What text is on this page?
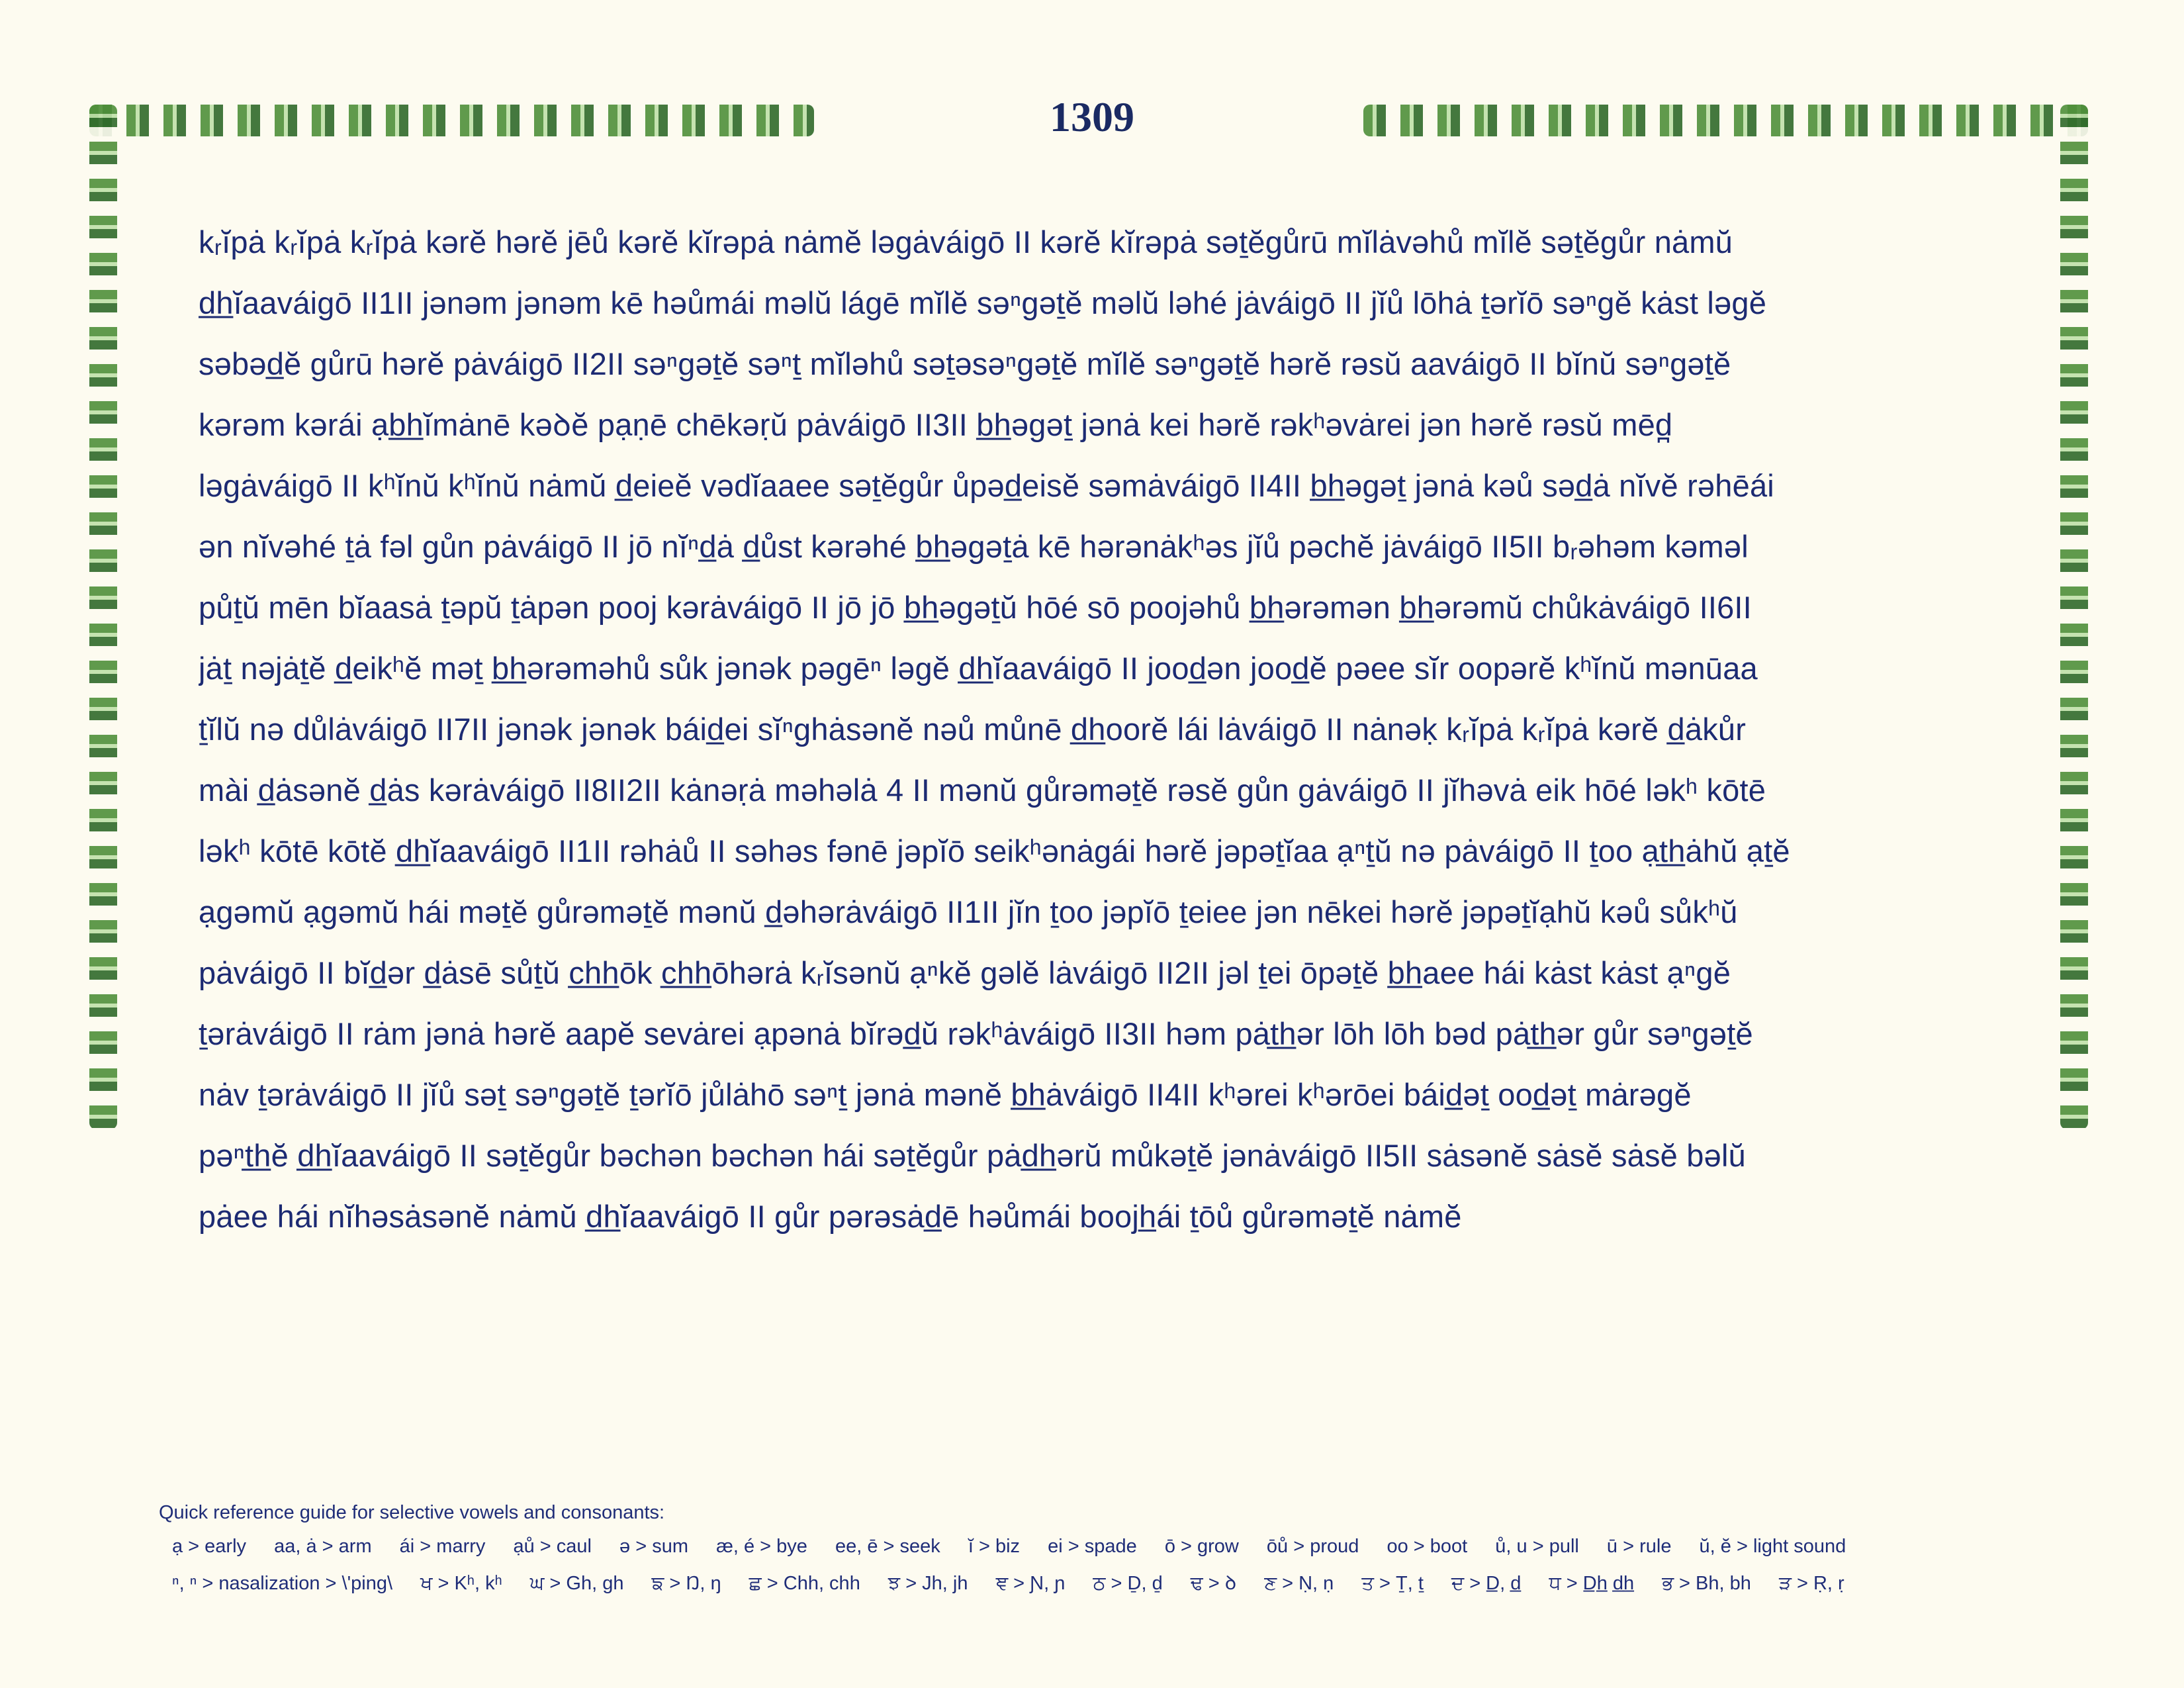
1309
kᵣĭpȧ kᵣĭpȧ kᵣĭpȧ kərĕ hərĕ jēů kərĕ kĭrəpȧ nȧmĕ ləgȧváigō II kərĕ kĭrəpȧ səṯĕgůrū mĭlȧvəhů mĭlĕ səṯĕgůr nȧmŭ
d̲h̲ĭaaváigō II1II jənəm jənəm kē həůmái məlŭ lágē mĭlĕ səⁿgəṯĕ məlŭ ləhé jȧváigō II jĭů lōhȧ ṯərĭō səⁿgĕ kȧst ləgĕ
səbəd̲ĕ gůrū hərĕ pȧváigō II2II səⁿgəṯĕ səⁿṯ mĭləhů səṯəsəⁿgəṯĕ mĭlĕ səⁿgəṯĕ hərĕ rəsŭ aaváigō II bĭnŭ səⁿgəṯĕ
kərəm kərái ạb̲h̲ĭmȧnē kəꝺĕ pạṇē chēkəṛŭ pȧváigō II3II b̲h̲əgəṯ jənȧ kei hərĕ rəkʰəvȧrei jən hərĕ rəsŭ mēd̪
ləgȧváigō II kʰĭnŭ kʰĭnŭ nȧmŭ d̲eieĕ vədĭaaee səṯĕgůr ůpəd̲eisĕ səmȧváigō II4II b̲h̲əgəṯ jənȧ kəů səd̲ȧ nĭvĕ rəhēái
ən nĭvəhé ṯȧ fəl gůn pȧváigō II jō nĭⁿd̲ȧ d̲ůst kərəhé b̲h̲əgəṯȧ kē hərənȧkʰəs jĭů pəchĕ jȧváigō II5II bᵣəhəm kəməl
půṯŭ mēn bĭaasȧ ṯəpŭ ṯȧpən pooj kərȧváigō II jō jō b̲h̲əgəṯŭ hōé sō poojəhů b̲h̲ərəmən b̲h̲ərəmŭ chůkȧváigō II6II
jȧṯ nəjȧṯĕ d̲eikʰĕ məṯ b̲h̲ərəməhů sůk jənək pəgēⁿ ləgĕ d̲h̲ĭaaváigō II jood̲ən jood̲ĕ pəee sĭr oopərĕ kʰĭnŭ mənūaa
ṯĭlŭ nə důlȧváigō II7II jənək jənək báid̲ei sĭⁿghȧsənĕ nəů můnē d̲h̲oorĕ lái lȧváigō II nȧnəḳ kᵣĭpȧ kᵣĭpȧ kərĕ d̲ȧkůr
mài d̲ȧsənĕ d̲ȧs kərȧváigō II8II2II kȧnəṛȧ məhəlȧ 4 II mənŭ gůrəməṯĕ rəsĕ gůn gȧváigō II jĭhəvȧ eik hōé ləkʰ kōtē
ləkʰ kōtē kōtĕ d̲h̲ĭaaváigō II1II rəhȧů II səhəs fənē jəpĭō seikʰənȧgái hərĕ jəpəṯĭaa ạⁿṯŭ nə pȧváigō II ṯoo ạt̲h̲ȧhŭ ạṯĕ
ạgəmŭ ạgəmŭ hái məṯĕ gůrəməṯĕ mənŭ d̲əhərȧváigō II1II jĭn ṯoo jəpĭō ṯeiee jən nēkei hərĕ jəpəṯĭạhŭ kəů sůkʰŭ
pȧváigō II bĭd̲ər d̲ȧsē sůṯŭ c̲h̲h̲ōk c̲h̲h̲ōhərȧ kᵣĭsənŭ ạⁿkĕ gəlĕ lȧváigō II2II jəl ṯei ōpəṯĕ b̲h̲aee hái kȧst kȧst ạⁿgĕ
ṯərȧváigō II rȧm jənȧ hərĕ aapĕ sevȧrei ạpənȧ bĭrəd̲ŭ rəkʰȧváigō II3II həm pȧt̲h̲ər lōh lōh bəd pȧt̲h̲ər gůr səⁿgəṯĕ
nȧv ṯərȧváigō II jĭů səṯ səⁿgəṯĕ ṯərĭō jůlȧhō səⁿṯ jənȧ mənĕ b̲h̲ȧváigō II4II kʰərei kʰərōei báid̲əṯ ood̲əṯ mȧrəgĕ
pəⁿt̲h̲ĕ d̲h̲ĭaaváigō II səṯĕgůr bəchən bəchən hái səṯĕgůr pȧd̲h̲ərŭ můkəṯĕ jənȧváigō II5II sȧsənĕ sȧsĕ sȧsĕ bəlŭ
pȧee hái nĭhəsȧsənĕ nȧmŭ d̲h̲ĭaaváigō II gůr pərəsȧd̲ē həůmái boojh̲ái ṯōů gůrəməṯĕ nȧmĕ
Quick reference guide for selective vowels and consonants:
ạ > early aa, ȧ > arm ái > marry ạů > caul ə > sum æ, é > bye ee, ē > seek ĭ > biz ei > spade ō > grow ōů > proud oo > boot ů, u > pull ū > rule ŭ, ĕ > light sound
ⁿ, ⁿ > nasalization > \'ping\ ਖ > Kʰ, kʰ ਘ > Gh, gh ਙ > Ŋ, ŋ ਛ > Chh, chh ਝ > Jh, jh ਞ > Ɲ, ɲ ਠ > Ḏ, ḏ ਢ > ꝺ ਣ > Ṇ, ṇ ਤ > Ṯ, ṯ ਦ > D̲, d̲ ਧ > D̲h̲ d̲h̲ ਭ > Bh, bh ੜ > Ṛ, ṛ
